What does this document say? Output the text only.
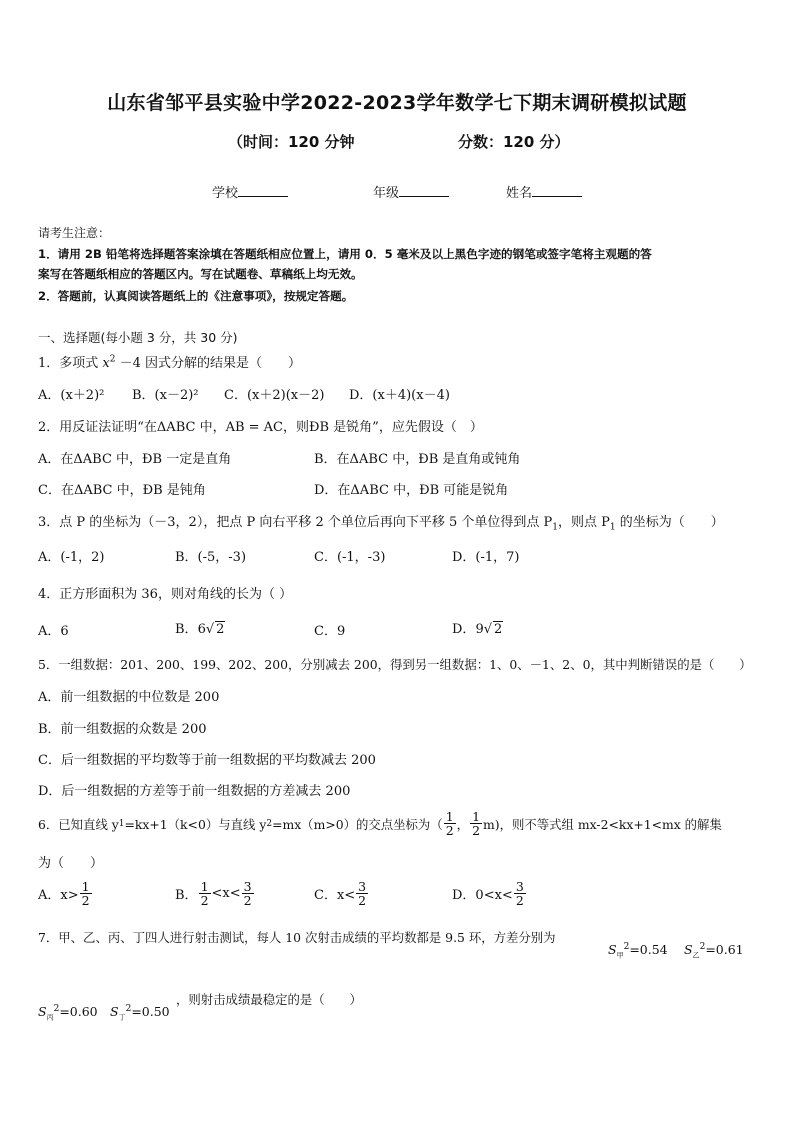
山东省邹平县实验中学2022-2023学年数学七下期末调研模拟试题
（时间：120 分钟	分数：120 分）
学校	年级	姓名
请考生注意：
1．请用 2B 铅笔将选择题答案涂填在答题纸相应位置上，请用 0．5 毫米及以上黑色字迹的钢笔或签字笔将主观题的答
案写在答题纸相应的答题区内。写在试题卷、草稿纸上均无效。
2．答题前，认真阅读答题纸上的《注意事项》，按规定答题。
一、选择题(每小题 3 分，共 30 分)
1．多项式 $x^2 -4$ 因式分解的结果是（　　）
A．(x＋2)² B．(x－2)² C．(x＋2)(x－2) D．(x＋4)(x－4)
2．用反证法证明“在ΔABC 中，AB = AC，则ÐB 是锐角”，应先假设（　）
A．在ΔABC 中，ÐB 一定是直角	B．在ΔABC 中，ÐB 是直角或钝角
C．在ΔABC 中，ÐB 是钝角	D．在ΔABC 中，ÐB 可能是锐角
3．点 P 的坐标为（－3，2），把点 P 向右平移 2 个单位后再向下平移 5 个单位得到点 $P_1$，则点 $P_1$ 的坐标为（　　）
A．(-1，2)	B．(-5，-3)	C．(-1，-3)	D．(-1，7)
4．正方形面积为 36，则对角线的长为（ ）
A．6	B．6√ 2	C．9	D．9√ 2
5．一组数据：201、200、199、202、200，分别减去 200，得到另一组数据：1、0、－1、2、0，其中判断错误的是（　　）
A．前一组数据的中位数是 200
B．前一组数据的众数是 200
C．后一组数据的平均数等于前一组数据的平均数减去 200
D．后一组数据的方差等于前一组数据的方差减去 200
6．已知直线 y 1 =kx+1（k<0）与直线 y 2 =mx（m>0）的交点坐标为（ $\frac{1}{2}$ ， $\frac{1}{2} m$)，则不等式组 mx-2<kx+1<mx 的解集
为（　　）
A．$x> \frac{1}{2}$	B． $\frac{1}{2} <x< \frac{3}{2}$	C．$x< \frac{3}{2}$	D．$0<x< \frac{3}{2}$
7．甲、乙、丙、丁四人进行射击测试，每人 10 次射击成绩的平均数都是 9.5 环，方差分别为
$S_甲^2=0.54$ $S_乙^2=0.61$
$S_丙^2=0.60$ $S_丁^2=0.50$
，则射击成绩最稳定的是（　　）
